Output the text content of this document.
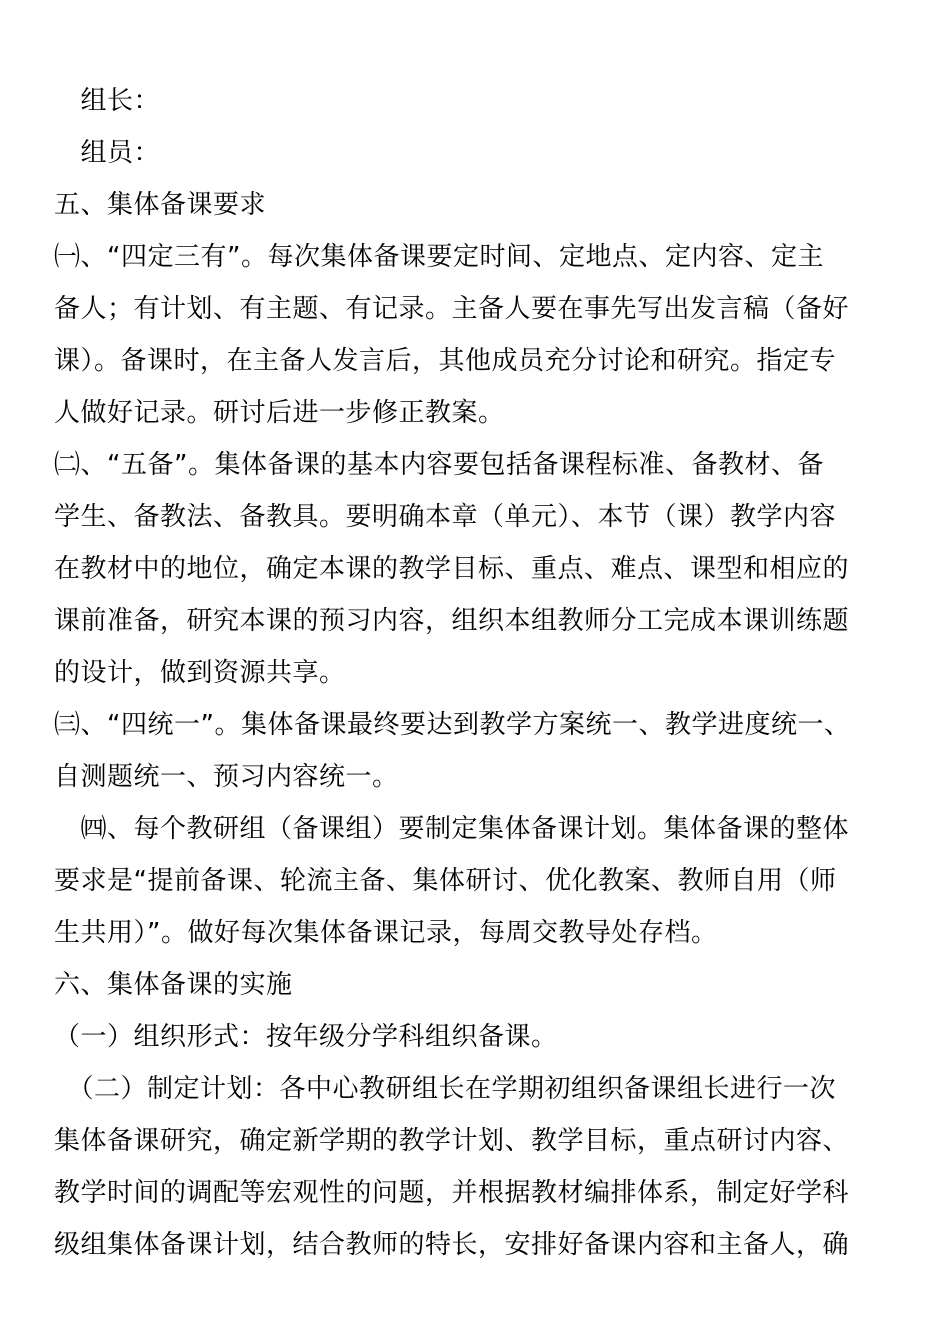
　组长：
　组员：
五、集体备课要求
㈠、“四定三有”。每次集体备课要定时间、定地点、定内容、定主
备人；有计划、有主题、有记录。主备人要在事先写出发言稿（备好
课）。备课时，在主备人发言后，其他成员充分讨论和研究。指定专
人做好记录。研讨后进一步修正教案。
㈡、“五备”。集体备课的基本内容要包括备课程标准、备教材、备
学生、备教法、备教具。要明确本章（单元）、本节（课）教学内容
在教材中的地位，确定本课的教学目标、重点、难点、课型和相应的
课前准备，研究本课的预习内容，组织本组教师分工完成本课训练题
的设计，做到资源共享。
㈢、“四统一”。集体备课最终要达到教学方案统一、教学进度统一、
自测题统一、预习内容统一。
　㈣、每个教研组（备课组）要制定集体备课计划。集体备课的整体
要求是“提前备课、轮流主备、集体研讨、优化教案、教师自用（师
生共用）”。做好每次集体备课记录，每周交教导处存档。
六、集体备课的实施
（一）组织形式：按年级分学科组织备课。
　（二）制定计划：各中心教研组长在学期初组织备课组长进行一次
集体备课研究，确定新学期的教学计划、教学目标，重点研讨内容、
教学时间的调配等宏观性的问题，并根据教材编排体系，制定好学科
级组集体备课计划，结合教师的特长，安排好备课内容和主备人，确
